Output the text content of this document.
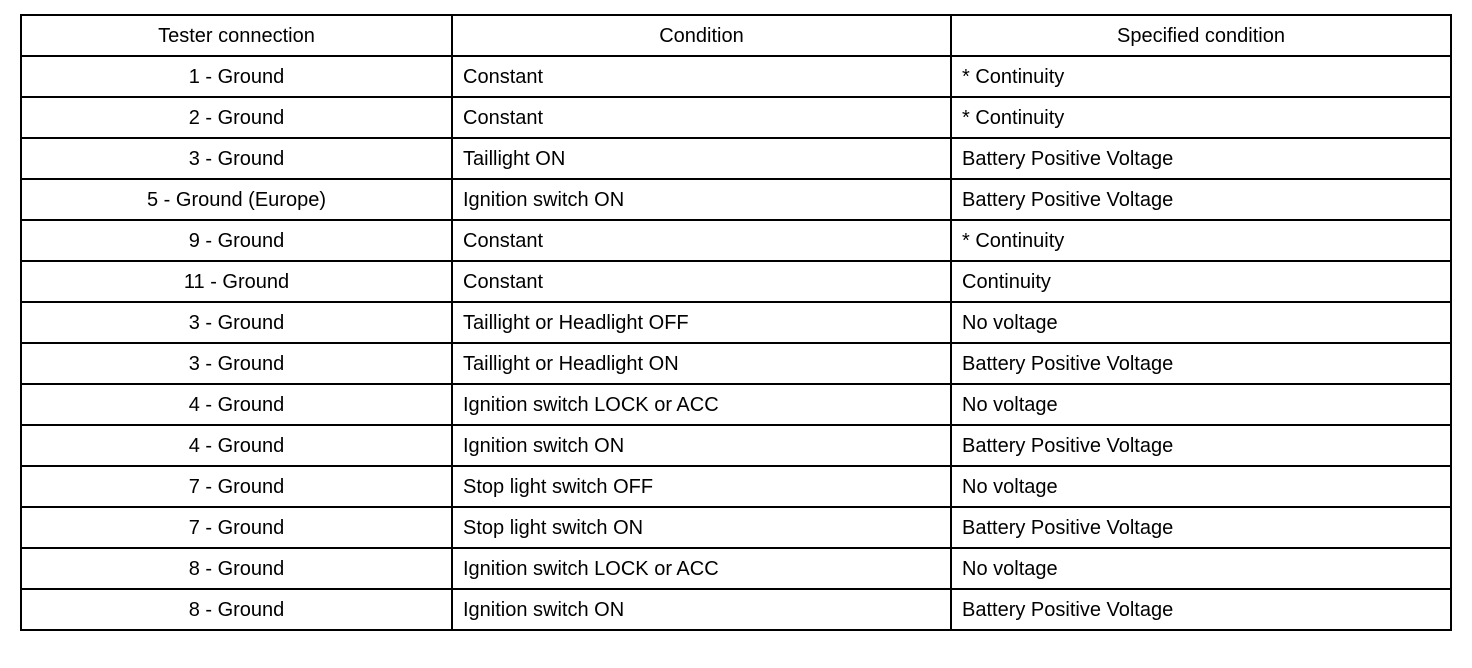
Tester connection	Condition	Specified condition
1 - Ground	Constant	* Continuity
2 - Ground	Constant	* Continuity
3 - Ground	Taillight ON	Battery Positive Voltage
5 - Ground (Europe)	Ignition switch ON	Battery Positive Voltage
9 - Ground	Constant	* Continuity
11 - Ground	Constant	Continuity
3 - Ground	Taillight or Headlight OFF	No voltage
3 - Ground	Taillight or Headlight ON	Battery Positive Voltage
4 - Ground	Ignition switch LOCK or ACC	No voltage
4 - Ground	Ignition switch ON	Battery Positive Voltage
7 - Ground	Stop light switch OFF	No voltage
7 - Ground	Stop light switch ON	Battery Positive Voltage
8 - Ground	Ignition switch LOCK or ACC	No voltage
8 - Ground	Ignition switch ON	Battery Positive Voltage
